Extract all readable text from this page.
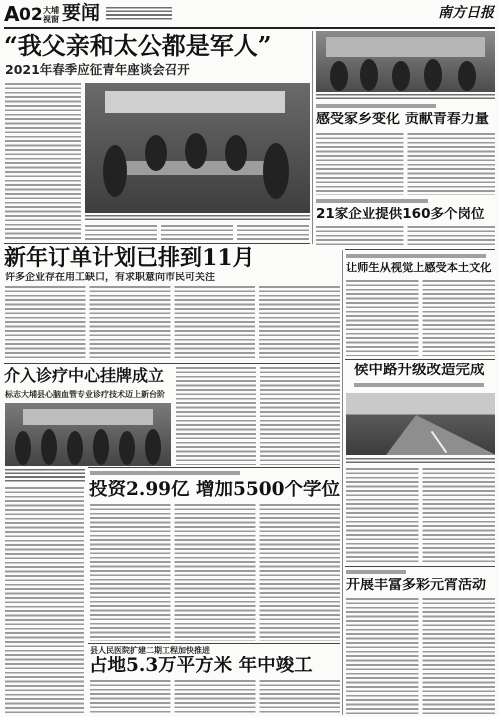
A 02 大埔
视窗 要闻	南方日报
“我父亲和太公都是军人”
2021年春季应征青年座谈会召开
感受家乡变化 贡献青春力量
21家企业提供160多个岗位
新年订单计划已排到11月
许多企业存在用工缺口，有求职意向市民可关注
让师生从视觉上感受本土文化
侯中路升级改造完成
开展丰富多彩元宵活动
介入诊疗中心挂牌成立
标志大埔县心脑血管专业诊疗技术迈上新台阶
投资2.99亿 增加5500个学位
县人民医院扩建二期工程加快推进
占地5.3万平方米 年中竣工
